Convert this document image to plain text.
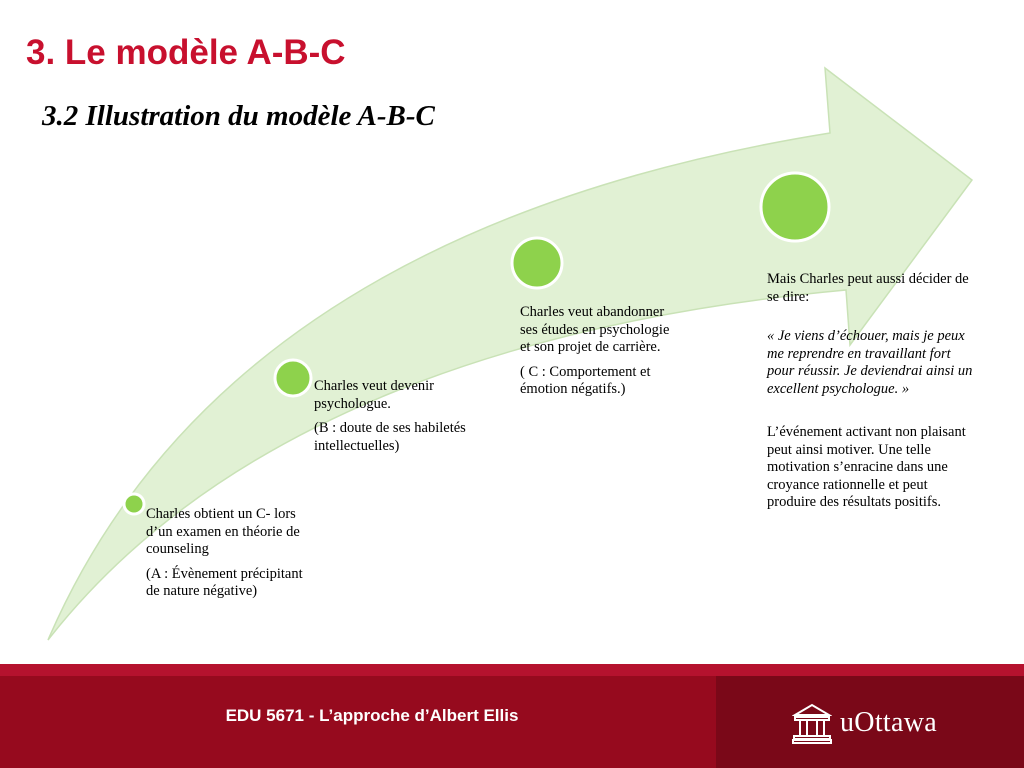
3. Le modèle A-B-C
3.2 Illustration du modèle A-B-C

Charles obtient un C- lors d’un examen en théorie de counseling

(A : Évènement précipitant de nature négative)

Charles veut devenir psychologue.

(B : doute de ses habiletés intellectuelles)

Charles veut abandonner ses études en psychologie et son projet de carrière.

( C : Comportement et émotion négatifs.)

Mais Charles peut aussi décider de se dire:

« Je viens d’échouer, mais je peux me reprendre en travaillant fort pour réussir. Je deviendrai ainsi un excellent psychologue. »

L’événement activant non plaisant peut ainsi motiver. Une telle motivation s’enracine dans une croyance rationnelle et peut produire des résultats positifs.

EDU 5671 - L’approche d’Albert Ellis	uOttawa
